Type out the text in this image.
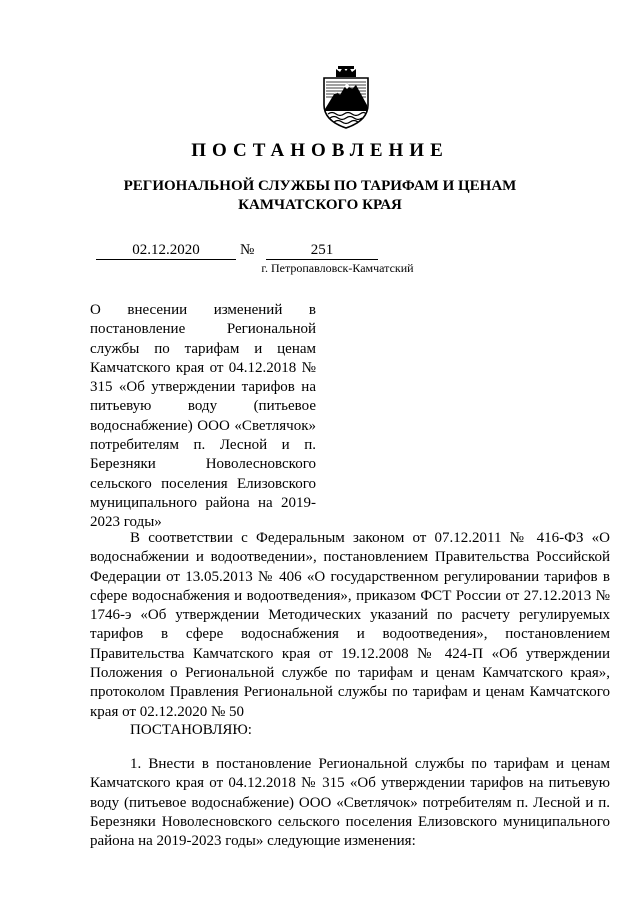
ПОСТАНОВЛЕНИЕ
РЕГИОНАЛЬНОЙ СЛУЖБЫ ПО ТАРИФАМ И ЦЕНАМ
КАМЧАТСКОГО КРАЯ
02.12.2020	№	251
г. Петропавловск-Камчатский
О внесении изменений в постановление Региональной службы по тарифам и ценам Камчатского края от 04.12.2018 № 315 «Об утверждении тарифов на питьевую воду (питьевое водоснабжение) ООО «Светлячок» потребителям п. Лесной и п. Березняки Новолесновского сельского поселения Елизовского муниципального района на 2019-2023 годы»
В соответствии с Федеральным законом от 07.12.2011 № 416-ФЗ «О водоснабжении и водоотведении», постановлением Правительства Российской Федерации от 13.05.2013 № 406 «О государственном регулировании тарифов в сфере водоснабжения и водоотведения», приказом ФСТ России от 27.12.2013 № 1746-э «Об утверждении Методических указаний по расчету регулируемых тарифов в сфере водоснабжения и водоотведения», постановлением Правительства Камчатского края от 19.12.2008 № 424-П «Об утверждении Положения о Региональной службе по тарифам и ценам Камчатского края», протоколом Правления Региональной службы по тарифам и ценам Камчатского края от 02.12.2020 № 50
ПОСТАНОВЛЯЮ:
1. Внести в постановление Региональной службы по тарифам и ценам Камчатского края от 04.12.2018 № 315 «Об утверждении тарифов на питьевую воду (питьевое водоснабжение) ООО «Светлячок» потребителям п. Лесной и п. Березняки Новолесновского сельского поселения Елизовского муниципального района на 2019-2023 годы» следующие изменения:
